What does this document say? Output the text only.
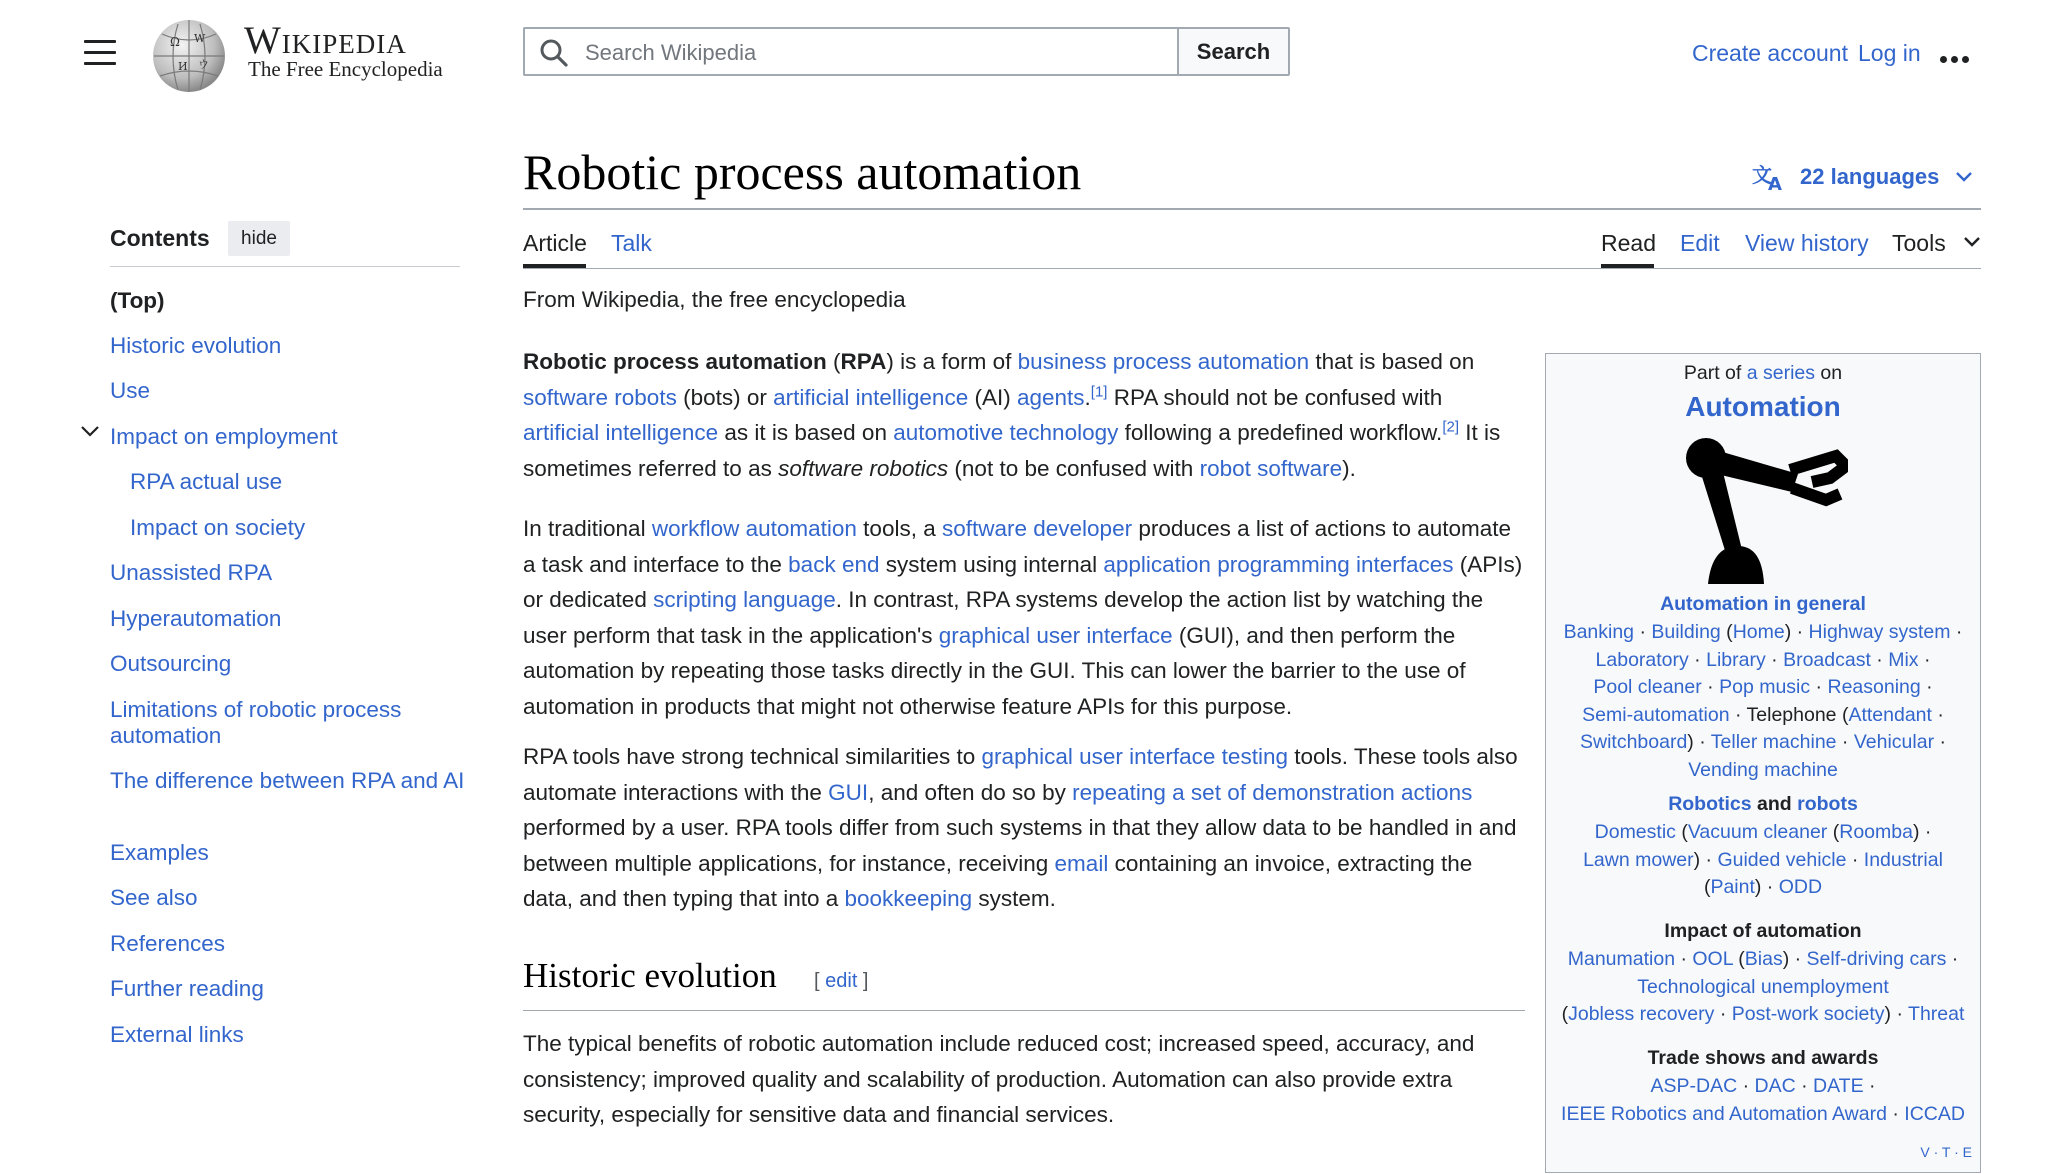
Ω W
И ウ
Wikipedia
The Free Encyclopedia
Search Wikipedia
Search	Create account Log in
Contents	hide
(Top)
Historic evolution
Use
Impact on employment
RPA actual use
Impact on society
Unassisted RPA
Hyperautomation
Outsourcing
Limitations of robotic process automation
The difference between RPA and AI
Examples
See also
References
Further reading
External links
Robotic process automation	文
A 22 languages
Article Talk	Read Edit View history Tools
From Wikipedia, the free encyclopedia
Robotic process automation (RPA) is a form of business process automation that is based on software robots (bots) or artificial intelligence (AI) agents.[1] RPA should not be confused with artificial intelligence as it is based on automotive technology following a predefined workflow.[2] It is sometimes referred to as software robotics (not to be confused with robot software).
In traditional workflow automation tools, a software developer produces a list of actions to automate a task and interface to the back end system using internal application programming interfaces (APIs) or dedicated scripting language. In contrast, RPA systems develop the action list by watching the user perform that task in the application's graphical user interface (GUI), and then perform the automation by repeating those tasks directly in the GUI. This can lower the barrier to the use of automation in products that might not otherwise feature APIs for this purpose.
RPA tools have strong technical similarities to graphical user interface testing tools. These tools also automate interactions with the GUI, and often do so by repeating a set of demonstration actions performed by a user. RPA tools differ from such systems in that they allow data to be handled in and between multiple applications, for instance, receiving email containing an invoice, extracting the data, and then typing that into a bookkeeping system.
Historic evolution [ edit ]
The typical benefits of robotic automation include reduced cost; increased speed, accuracy, and consistency; improved quality and scalability of production. Automation can also provide extra security, especially for sensitive data and financial services.
Part of a series on
Automation
Automation in general
Banking · Building (Home) · Highway system ·
Laboratory · Library · Broadcast · Mix ·
Pool cleaner · Pop music · Reasoning ·
Semi-automation · Telephone (Attendant ·
Switchboard) · Teller machine · Vehicular ·
Vending machine
Robotics and robots
Domestic (Vacuum cleaner (Roomba) ·
Lawn mower) · Guided vehicle · Industrial
(Paint) · ODD
Impact of automation
Manumation · OOL (Bias) · Self-driving cars ·
Technological unemployment
(Jobless recovery · Post-work society) · Threat
Trade shows and awards
ASP-DAC · DAC · DATE ·
IEEE Robotics and Automation Award · ICCAD
V · T · E
